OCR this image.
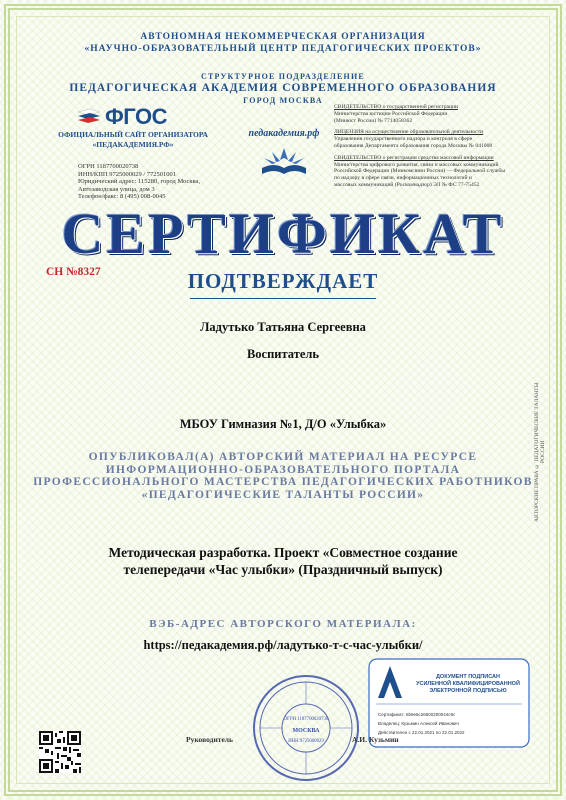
АВТОНОМНАЯ НЕКОММЕРЧЕСКАЯ ОРГАНИЗАЦИЯ
«НАУЧНО-ОБРАЗОВАТЕЛЬНЫЙ ЦЕНТР ПЕДАГОГИЧЕСКИХ ПРОЕКТОВ»
СТРУКТУРНОЕ ПОДРАЗДЕЛЕНИЕ
ПЕДАГОГИЧЕСКАЯ АКАДЕМИЯ СОВРЕМЕННОГО ОБРАЗОВАНИЯ
ГОРОД МОСКВА
ФГОС
ОФИЦИАЛЬНЫЙ САЙТ ОРГАНИЗАТОРА
«ПЕДАКАДЕМИЯ.РФ»
ОГРН 1187700020738
ИНН/КПП 9725000029 / 772501001
Юридический адрес: 115280, город Москва,
Автозаводская улица, дом 3
Телефон/факс: 8 (495) 008-0045
педакадемия.рф
СВИДЕТЕЛЬСТВО о государственной регистрации
Министерства юстиции Российской Федерации
(Минюст России) № 7714058362
ЛИЦЕНЗИЯ на осуществление образовательной деятельности
Управления государственного надзора и контроля в сфере
образования Департамента образования города Москвы № 041008
СВИДЕТЕЛЬСТВО о регистрации средства массовой информации
Министерства цифрового развития, связи и массовых коммуникаций
Российской Федерации (Минкомсвязи России) — Федеральной службы
по надзору в сфере связи, информационных технологий и
массовых коммуникаций (Роскомнадзор) ЭЛ № ФС 77-75452
СЕРТИФИКАТ
СН №8327	ПОДТВЕРЖДАЕТ
Ладутько Татьяна Сергеевна
Воспитатель
МБОУ Гимназия №1, Д/О «Улыбка»
ОПУБЛИКОВАЛ(А) АВТОРСКИЙ МАТЕРИАЛ НА РЕСУРСЕ
ИНФОРМАЦИОННО-ОБРАЗОВАТЕЛЬНОГО ПОРТАЛА
ПРОФЕССИОНАЛЬНОГО МАСТЕРСТВА ПЕДАГОГИЧЕСКИХ РАБОТНИКОВ
«ПЕДАГОГИЧЕСКИЕ ТАЛАНТЫ РОССИИ»
Методическая разработка. Проект «Совместное создание
телепередачи «Час улыбки» (Праздничный выпуск)
ВЭБ-АДРЕС АВТОРСКОГО МАТЕРИАЛА:
https://педакадемия.рф/ладутько-т-с-час-улыбки/
ОГРН 1187700020738
МОСКВА
ИНН 9725000029
ДОКУМЕНТ ПОДПИСАН
УСИЛЕННОЙ КВАЛИФИЦИРОВАННОЙ
ЭЛЕКТРОННОЙ ПОДПИСЬЮ
Сертификат: 6b9e6c26600200044c9c
Владелец: Кузьмин Алексей Иванович
Действителен с 22.01.2021 по 22.01.2022
Руководитель	А.И. Кузьмин
АВТОРСКИЕ ПРАВА © ПЕДАГОГИЧЕСКИЕ ТАЛАНТЫ РОССИИ
